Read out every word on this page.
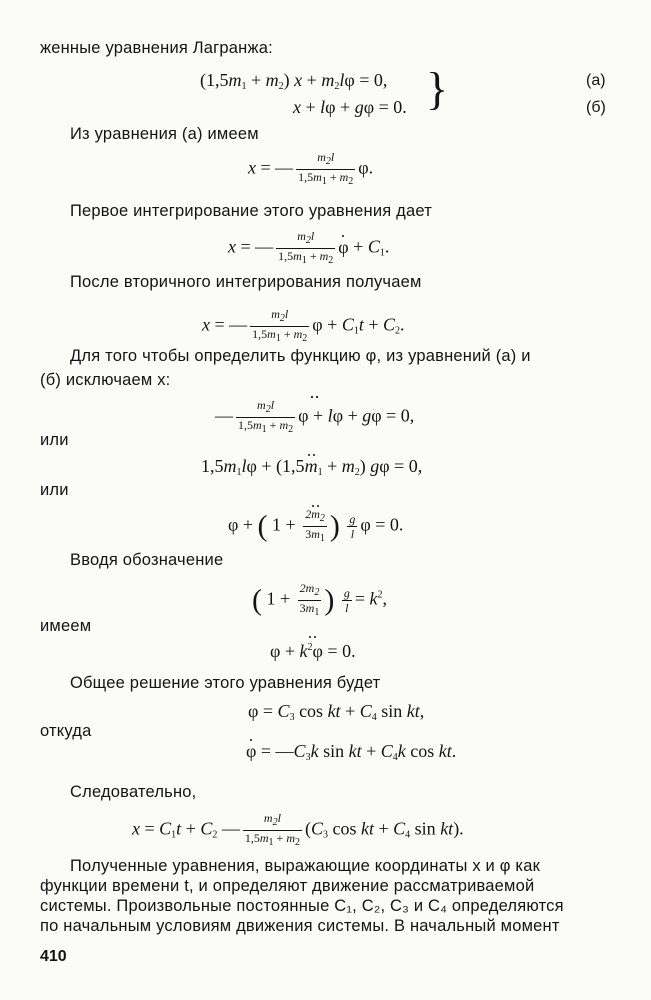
женные уравнения Лагранжа:
$(1,5m_1 + m_2) x + m_2l\varphi = 0$,
x + lφ + gφ = 0. }	(а)
(б)
Из уравнения (а) имеем
x = — $\frac{m_2l}{1,5m_1 + m_2} \varphi$.
Первое интегрирование этого уравнения дает
x = — $\frac{m_2l}{1,5m_1 + m_2}$ $\varphi + C_1$.
После вторичного интегрирования получаем
x = — $\frac{m_2l}{1,5m_1 + m_2}$ $\varphi + C_1t + C_2$.
Для того чтобы определить функцию φ, из уравнений (а) и
(б) исключаем x:
— $\frac{m_2l}{1,5m_1 + m_2}$ φ + lφ + gφ = 0,
или
$1,5m_1l\varphi + (1,5m_1 + m_2) g\varphi = 0$,
или
φ + ( $1 + \frac{2m_2}{3m_1}$ ) $\frac{g}{l}$ φ = 0.
Вводя обозначение
( $1 + \frac{2m_2}{3m_1}$ ) $\frac{g}{l} = k^2$,
имеем
$\varphi + k^2\varphi = 0$.
Общее решение этого уравнения будет
$\varphi = C_3$ cos kt + $C_4$ sin kt,
откуда
$\varphi = —C_3k$ sin kt + $C_4k$ cos kt.
Следовательно,
$x = C_1t + C_2$ — $\frac{m_2l}{1,5m_1 + m_2} (C_3$ cos kt + $C_4$ sin kt).
Полученные уравнения, выражающие координаты x и φ как
функции времени t, и определяют движение рассматриваемой
системы. Произвольные постоянные C₁, C₂, C₃ и C₄ определяются
по начальным условиям движения системы. В начальный момент
410
